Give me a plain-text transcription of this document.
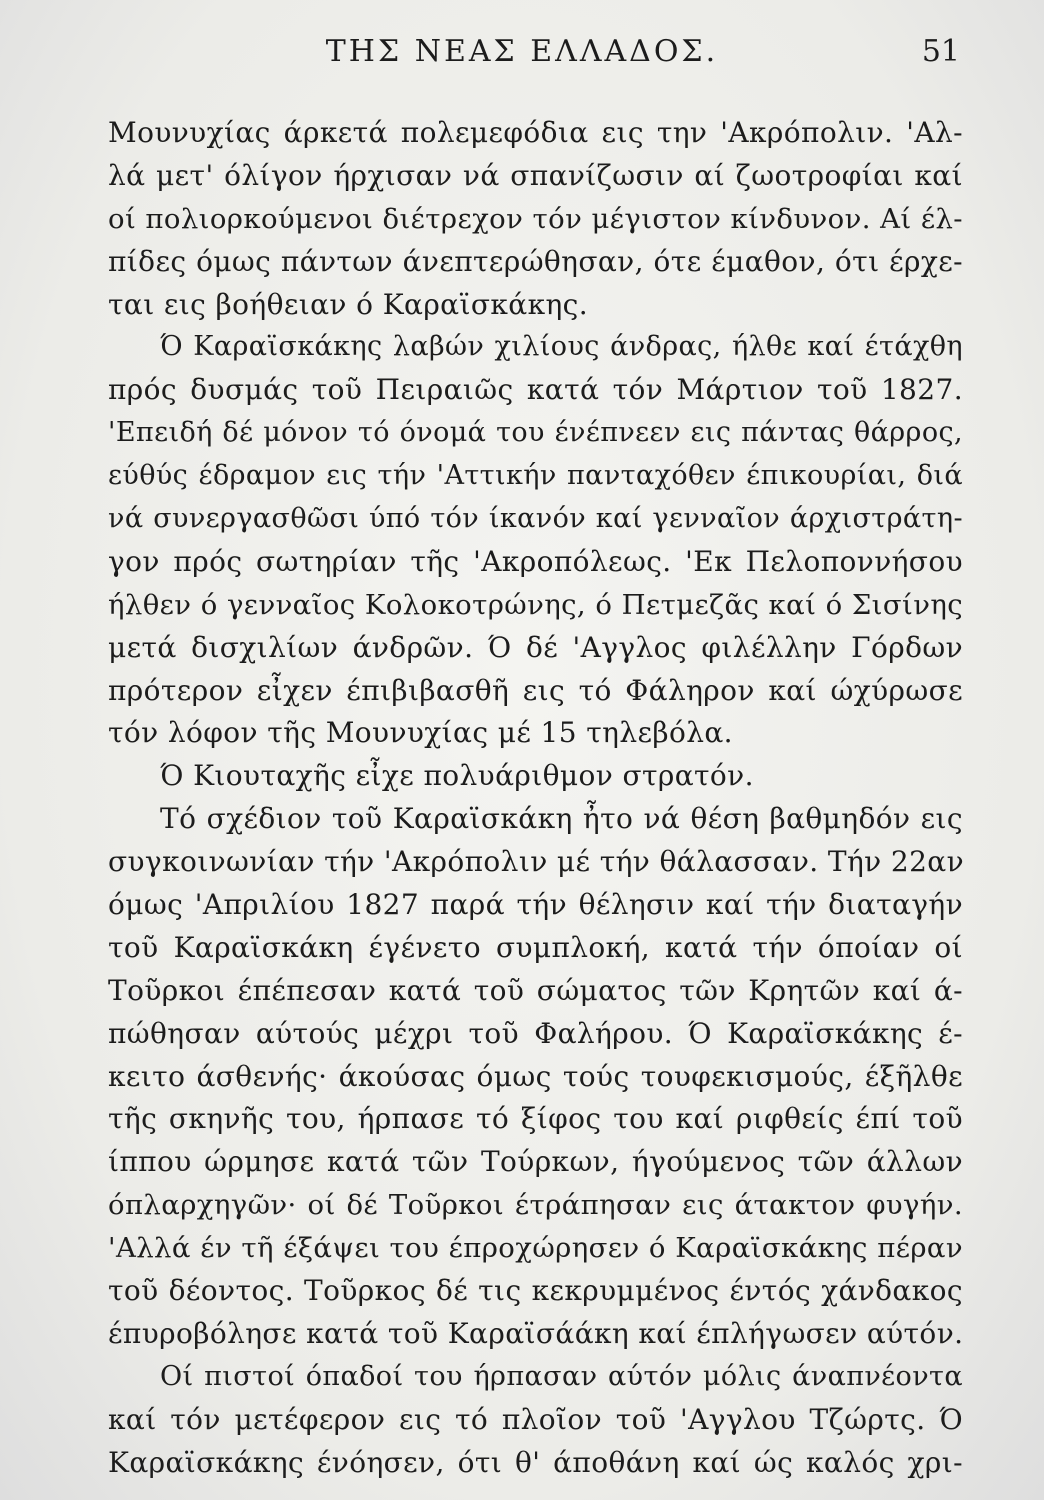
ΤΗΣ ΝΕΑΣ ΕΛΛΑΔΟΣ.	51
Μουνυχίας άρκετά πολεμεφόδια εις την 'Ακρόπολιν. 'Αλ-
λά μετ' όλίγον ήρχισαν νά σπανίζωσιν αί ζωοτροφίαι καί
οί πολιορκούμενοι διέτρεχον τόν μέγιστον κίνδυνον. Αί έλ-
πίδες όμως πάντων άνεπτερώθησαν, ότε έμαθον, ότι έρχε-
ται εις βοήθειαν ό Καραϊσκάκης.
Ό Καραϊσκάκης λαβών χιλίους άνδρας, ήλθε καί έτάχθη
πρός δυσμάς τοῦ Πειραιῶς κατά τόν Μάρτιον τοῦ 1827.
'Επειδή δέ μόνον τό όνομά του ένέπνεεν εις πάντας θάρρος,
εύθύς έδραμον εις τήν 'Αττικήν πανταχόθεν έπικουρίαι, διά
νά συνεργασθῶσι ύπό τόν ίκανόν καί γενναῖον άρχιστράτη-
γον πρός σωτηρίαν τῆς 'Ακροπόλεως. 'Εκ Πελοποννήσου
ήλθεν ό γενναῖος Κολοκοτρώνης, ό Πετμεζᾶς καί ό Σισίνης
μετά δισχιλίων άνδρῶν. Ό δέ 'Αγγλος φιλέλλην Γόρδων
πρότερον εἶχεν έπιβιβασθῆ εις τό Φάληρον καί ώχύρωσε
τόν λόφον τῆς Μουνυχίας μέ 15 τηλεβόλα.
Ό Κιουταχῆς εἶχε πολυάριθμον στρατόν.
Τό σχέδιον τοῦ Καραϊσκάκη ἦτο νά θέση βαθμηδόν εις
συγκοινωνίαν τήν 'Ακρόπολιν μέ τήν θάλασσαν. Τήν 22αν
όμως 'Απριλίου 1827 παρά τήν θέλησιν καί τήν διαταγήν
τοῦ Καραϊσκάκη έγένετο συμπλοκή, κατά τήν όποίαν οί
Τοῦρκοι έπέπεσαν κατά τοῦ σώματος τῶν Κρητῶν καί ά-
πώθησαν αύτούς μέχρι τοῦ Φαλήρου. Ό Καραϊσκάκης έ-
κειτο άσθενής· άκούσας όμως τούς τουφεκισμούς, έξῆλθε
τῆς σκηνῆς του, ήρπασε τό ξίφος του καί ριφθείς έπί τοῦ
ίππου ώρμησε κατά τῶν Τούρκων, ήγούμενος τῶν άλλων
όπλαρχηγῶν· οί δέ Τοῦρκοι έτράπησαν εις άτακτον φυγήν.
'Αλλά έν τῆ έξάψει του έπροχώρησεν ό Καραϊσκάκης πέραν
τοῦ δέοντος. Τοῦρκος δέ τις κεκρυμμένος έντός χάνδακος
έπυροβόλησε κατά τοῦ Καραϊσάάκη καί έπλήγωσεν αύτόν.
Οί πιστοί όπαδοί του ήρπασαν αύτόν μόλις άναπνέοντα
καί τόν μετέφερον εις τό πλοῖον τοῦ 'Αγγλου Τζώρτς. Ό
Καραϊσκάκης ένόησεν, ότι θ' άποθάνη καί ώς καλός χρι-
